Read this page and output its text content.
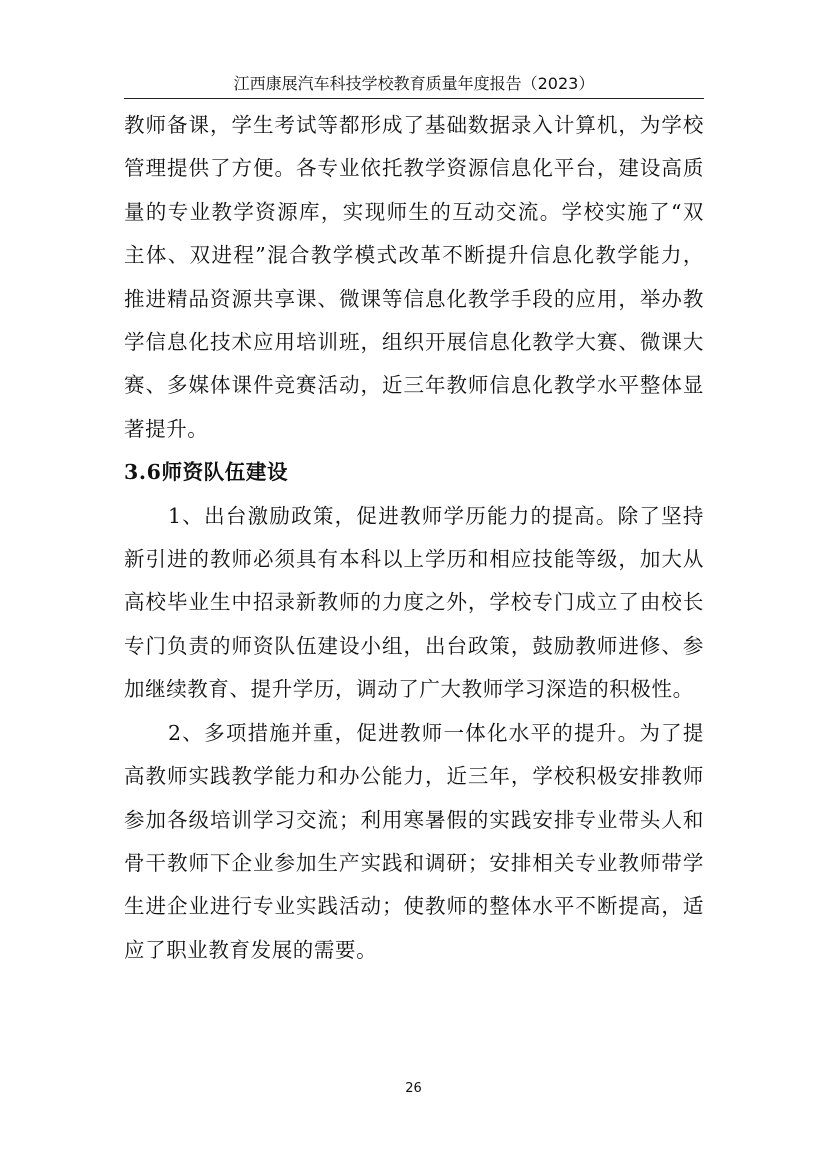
江西康展汽车科技学校教育质量年度报告（2023）

教师备课，学生考试等都形成了基础数据录入计算机，为学校管理提供了方便。各专业依托教学资源信息化平台，建设高质量的专业教学资源库，实现师生的互动交流。学校实施了“双主体、双进程”混合教学模式改革不断提升信息化教学能力，推进精品资源共享课、微课等信息化教学手段的应用，举办教学信息化技术应用培训班，组织开展信息化教学大赛、微课大赛、多媒体课件竞赛活动，近三年教师信息化教学水平整体显著提升。

3.6师资队伍建设

1、出台激励政策，促进教师学历能力的提高。除了坚持新引进的教师必须具有本科以上学历和相应技能等级，加大从高校毕业生中招录新教师的力度之外，学校专门成立了由校长专门负责的师资队伍建设小组，出台政策，鼓励教师进修、参加继续教育、提升学历，调动了广大教师学习深造的积极性。

2、多项措施并重，促进教师一体化水平的提升。为了提高教师实践教学能力和办公能力，近三年，学校积极安排教师参加各级培训学习交流；利用寒暑假的实践安排专业带头人和骨干教师下企业参加生产实践和调研；安排相关专业教师带学生进企业进行专业实践活动；使教师的整体水平不断提高，适应了职业教育发展的需要。

26
